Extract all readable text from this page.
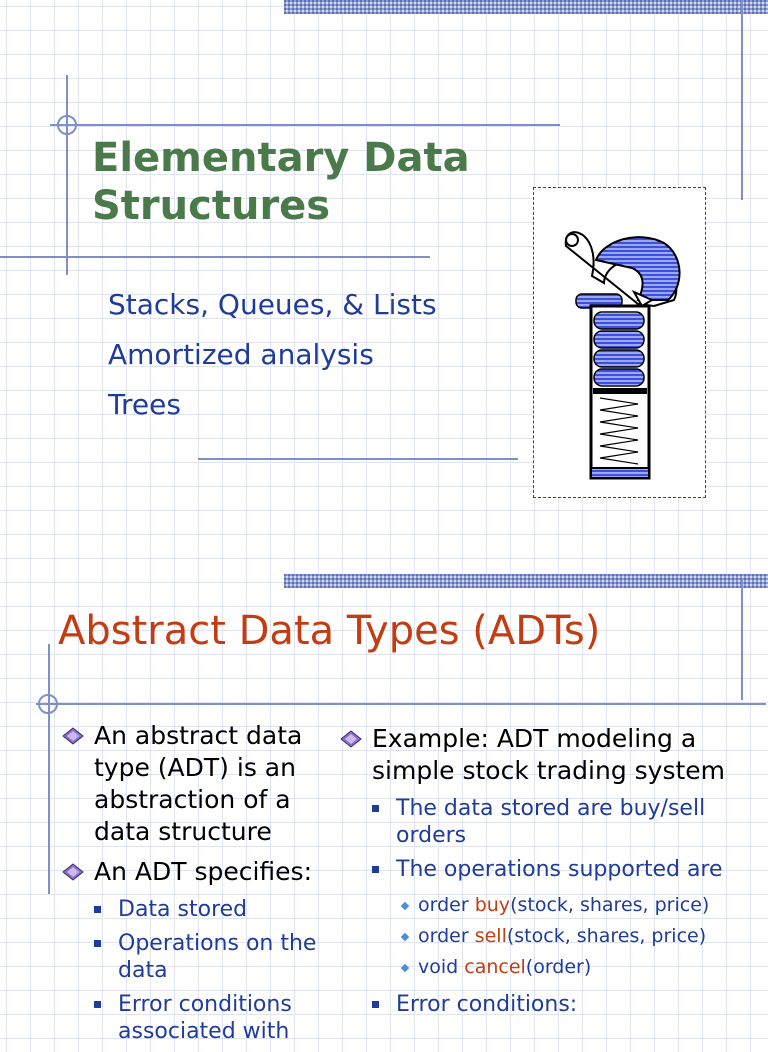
Elementary Data Structures
Stacks, Queues, & Lists
Amortized analysis
Trees
Abstract Data Types (ADTs)
An abstract data type (ADT) is an abstraction of a data structure
An ADT specifies:
Data stored
Operations on the data
Error conditions associated with
Example: ADT modeling a simple stock trading system
The data stored are buy/sell orders
The operations supported are
order buy(stock, shares, price)
order sell(stock, shares, price)
void cancel(order)
Error conditions:
